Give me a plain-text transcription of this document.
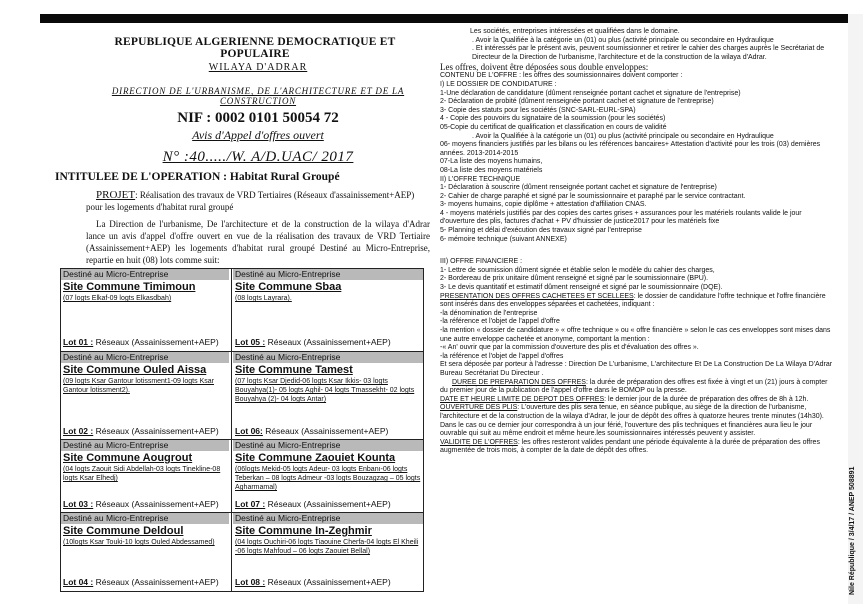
REPUBLIQUE ALGERIENNE DEMOCRATIQUE ET POPULAIRE
WILAYA D'ADRAR
DIRECTION DE L'URBANISME, DE L'ARCHITECTURE ET DE LA CONSTRUCTION
NIF : 0002 0101 50054 72
Avis d'Appel d'offres ouvert
N° :40...../W. A/D.UAC/ 2017
INTITULEE DE L'OPERATION : Habitat Rural Groupé
PROJET: Réalisation des travaux de VRD Tertiaires (Réseaux d'assainissement+AEP) pour les logements d'habitat rural groupé
La Direction de l'urbanisme, De l'architecture et de la construction de la wilaya d'Adrar lance un avis d'appel d'offre ouvert en vue de la réalisation des travaux de VRD Tertiaire (Assainissement+AEP) les logements d'habitat rural groupé Destiné au Micro-Entreprise, repartie en huit (08) lots comme suit:
Destiné au Micro-Entreprise
Site Commune Timimoun
(07 logts Elkaf-09 logts Elkasdbah)
Lot 01 : Réseaux (Assainissement+AEP)
Destiné au Micro-Entreprise
Site Commune Sbaa
(08 logts Layrara).
Lot 05 : Réseaux (Assainissement+AEP)
Destiné au Micro-Entreprise
Site Commune Ouled Aissa
(09 logts Ksar Gantour lotissment1-09 logts Ksar Gantour lotissment2).
Lot 02 : Réseaux (Assainissement+AEP)
Destiné au Micro-Entreprise
Site Commune Tamest
(07 logts Ksar Djedid-06 logts Ksar Ikkis- 03 logts Bouyahya(1)- 05 logts Aghil- 04 logts Tmassekht- 02 logts Bouyahya (2)- 04 logts Antar)
Lot 06: Réseaux (Assainissement+AEP)
Destiné au Micro-Entreprise
Site Commune Aougrout
(04 logts Zaouit Sidi Abdellah-03 logts Tinekline-08 logts Ksar Elhedj)
Lot 03 : Réseaux (Assainissement+AEP)
Destiné au Micro-Entreprise
Site Commune Zaouiet Kounta
(06logts Mekid-05 logts Adeur- 03 logts Enbanı-06 logts Teberkan – 08 logts Admeur -03 logts Bouzagzag – 05 logts Agharmamal)
Lot 07 : Réseaux (Assainissement+AEP)
Destiné au Micro-Entreprise
Site Commune Deldoul
(10logts Ksar Touki-10 logts Ouled Abdessamed)
Lot 04 : Réseaux (Assainissement+AEP)
Destiné au Micro-Entreprise
Site Commune In-Zeghmir
(04 logts Ouchiri-06 logts Tiaouine Cherfa-04 logts El Kheili -06 logts Mahfoud – 06 logts Zaouiet Bellal)
Lot 08 : Réseaux (Assainissement+AEP)
Les sociétés, entreprises intéressées et qualifiées dans le domaine.
. Avoir la Qualifiée à la catégorie un (01) ou plus (activité principale ou secondaire en Hydraulique
. Et intéressés par le présent avis, peuvent soumissionner et retirer le cahier des charges auprès le Secrétariat de Directeur de la Direction de l'urbanisme, l'architecture et de la construction de la wilaya d'Adrar.
Les offres, doivent être déposées sous double enveloppes:
CONTENU DE L'OFFRE : les offres des soumissionnaires doivent comporter :
I) LE DOSSIER DE CONDIDATURE :
1-Une déclaration de candidature (dûment renseignée portant cachet et signature de l'entreprise)
2- Déclaration de probité (dûment renseignée portant cachet et signature de l'entreprise)
3- Copie des statuts pour les sociétés (SNC-SARL-EURL-SPA)
4 - Copie des pouvoirs du signataire de la soumission (pour les sociétés)
05-Copie du certificat de qualification et classification en cours de validité
. Avoir la Qualifiée à la catégorie un (01) ou plus (activité principale ou secondaire en Hydraulique
06- moyens financiers justifiés par les bilans ou les références bancaires+ Attestation d'activité pour les trois (03) dernières années. 2013-2014-2015
07-La liste des moyens humains,
08-La liste des moyens matériels
II) L'OFFRE TECHNIQUE
1- Déclaration à souscrire (dûment renseignée portant cachet et signature de l'entreprise)
2- Cahier de charge paraphé et signé par le soumissionnaire et paraphé par le service contractant.
3- moyens humains, copie diplôme + attestation d'affiliation CNAS.
4 - moyens matériels justifiés par des copies des cartes grises + assurances pour les matériels roulants valide le jour d'ouverture des plis, factures d'achat + PV d'huissier de justice2017 pour les matériels fixe
5- Planning et délai d'exécution des travaux signé par l'entreprise
6- mémoire technique (suivant ANNEXE)
III) OFFRE FINANCIERE :
1- Lettre de soumission dûment signée et établie selon le modèle du cahier des charges,
2- Bordereau de prix unitaire dûment renseigné et signé par le soumissionnaire (BPU).
3- Le devis quantitatif et estimatif dûment renseigné et signé par le soumissionnaire (DQE).
PRESENTATION DES OFFRES CACHETEES ET SCELLEES: le dossier de candidature l'offre technique et l'offre financière sont insérés dans des enveloppes séparées et cachetées, indiquant :
-la dénomination de l'entreprise
-la référence et l'objet de l'appel d'offre
-la mention « dossier de candidature » « offre technique » ou « offre financière » selon le cas ces enveloppes sont mises dans une autre enveloppe cachetée et anonyme, comportant la mention :
-« An' ouvrir que par la commission d'ouverture des plis et d'évaluation des offres ».
-la référence et l'objet de l'appel d'offres
Et sera déposée par porteur à l'adresse : Direction De L'urbanisme, L'architecture Et De La Construction De La Wilaya D'Adrar Bureau Secrétariat Du Directeur .
DUREE DE PREPARATION DES OFFRES: la durée de préparation des offres est fixée à vingt et un (21) jours à compter du premier jour de la publication de l'appel d'offre dans le BOMOP ou la presse.
DATE ET HEURE LIMITE DE DEPOT DES OFFRES: le dernier jour de la durée de préparation des offres de 8h à 12h.
OUVERTURE DES PLIS: L'ouverture des plis sera tenue, en séance publique, au siège de la direction de l'urbanisme, l'architecture et de la construction de la wilaya d'Adrar, le jour de dépôt des offres à quatorze heures trente minutes (14h30). Dans le cas ou ce dernier jour correspondra à un jour férié, l'ouverture des plis techniques et financières aura lieu le jour ouvrable qui suit au même endroit et même heure.les soumissionnaires intéressés peuvent y assister.
VALIDITE DE L'OFFRES: les offres resteront valides pendant une période équivalente à la durée de préparation des offres augmentée de trois mois, à compter de la date de dépôt des offres.
Nile République / 3/4/17 / ANEP 508891
